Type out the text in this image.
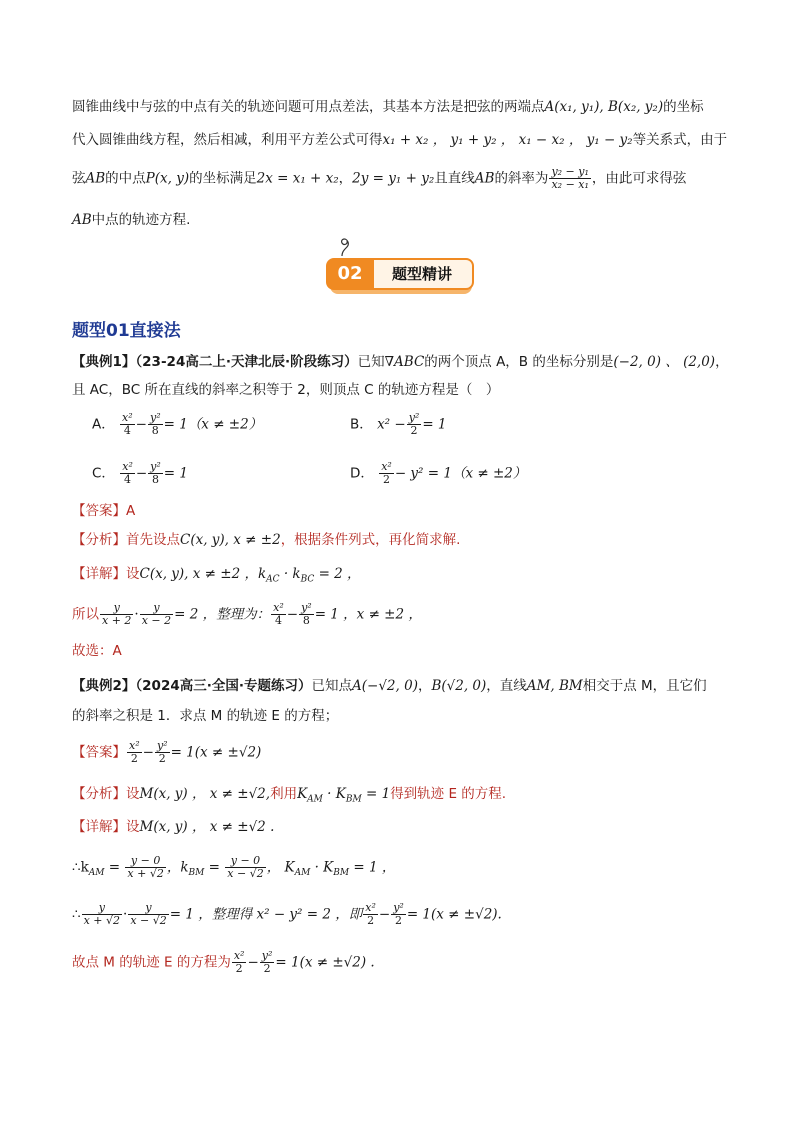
圆锥曲线中与弦的中点有关的轨迹问题可用点差法，其基本方法是把弦的两端点A(x₁, y₁), B(x₂, y₂)的坐标
代入圆锥曲线方程，然后相减，利用平方差公式可得x₁ + x₂ ， y₁ + y₂ ， x₁ − x₂ ， y₁ − y₂等关系式，由于
弦AB的中点P(x, y)的坐标满足2x = x₁ + x₂，2y = y₁ + y₂且直线AB的斜率为 $\frac{\text{y₂ − y₁}}{\text{x₂ − x₁}}$ ，由此可求得弦
AB中点的轨迹方程.
题型精讲
02
题型01直接法
【典例1】（23-24高二上·天津北辰·阶段练习）已知∇ABC的两个顶点 A，B 的坐标分别是(−2, 0) 、 (2,0)，
且 AC，BC 所在直线的斜率之积等于 2，则顶点 C 的轨迹方程是（　）
A． $\frac{\text{x²}}{4} - \frac{\text{y²}}{8} = 1(x \ne \pm 2)$	B． $x^2 - \frac{\text{y²}}{2} = 1$
C． $\frac{\text{x²}}{4} - \frac{\text{y²}}{8} = 1$	D． $\frac{\text{x²}}{2} - y^2 = 1(x \ne \pm 2)$
【答案】A
【分析】首先设点C(x, y), x ≠ ±2，根据条件列式，再化简求解.
【详解】设C(x, y), x ≠ ±2 ，$k_{AC} \cdot k_{BC} = 2$ ，
所以 $\frac{y}{x + 2} \cdot \frac{y}{x - 2} = 2$ ，整理为： $\frac{\text{x²}}{4} - \frac{\text{y²}}{8} = 1$ ，x ≠ ±2 ，
故选：A
【典例2】（2024高三·全国·专题练习）已知点A(−√2, 0)，B(√2, 0)，直线AM, BM相交于点 M，且它们
的斜率之积是 1．求点 M 的轨迹 E 的方程；
【答案】 $\frac{\text{x²}}{2} - \frac{\text{y²}}{2} = 1(x \ne \pm√2)$
【分析】设M(x, y) ， x ≠ ±√2,利用$K_{AM} \cdot K_{BM} = 1$得到轨迹 E 的方程.
【详解】设M(x, y) ， x ≠ ±√2 .
$\therefore k_{AM} = \frac{y - 0}{x + √2}$ ，$k_{BM} = \frac{y - 0}{x - √2}$ ， $K_{AM} \cdot K_{BM} = 1$ ，
∴ $\frac{y}{x + √2} \cdot \frac{y}{x - √2} = 1$ ，整理得 x² − y² = 2 ，即 $\frac{\text{x²}}{2} - \frac{\text{y²}}{2} = 1(x \ne \pm√2)$.
故点 M 的轨迹 E 的方程为 $\frac{\text{x²}}{2} - \frac{\text{y²}}{2} = 1(x \ne \pm√2)$ .
